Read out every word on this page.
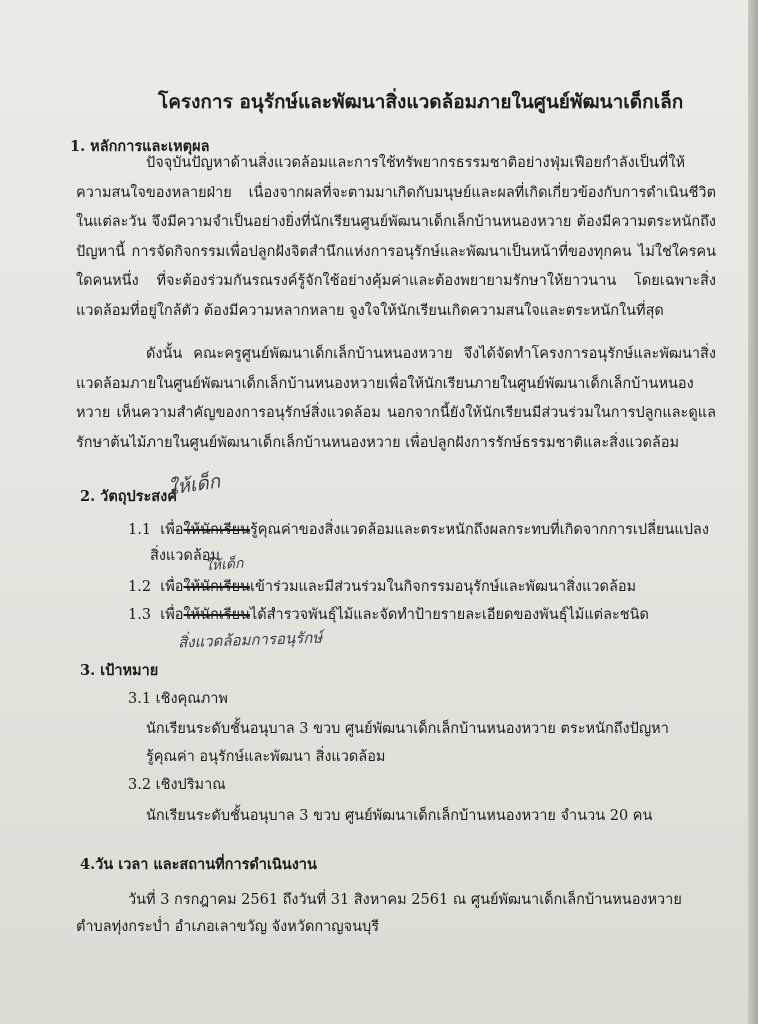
โครงการ อนุรักษ์และพัฒนาสิ่งแวดล้อมภายในศูนย์พัฒนาเด็กเล็ก
1. หลักการและเหตุผล
ปัจจุบันปัญหาด้านสิ่งแวดล้อมและการใช้ทรัพยากรธรรมชาติอย่างฟุ่มเฟือยกำลังเป็นที่ให้ความสนใจของหลายฝ่าย เนื่องจากผลที่จะตามมาเกิดกับมนุษย์และผลที่เกิดเกี่ยวข้องกับการดำเนินชีวิตในแต่ละวัน จึงมีความจำเป็นอย่างยิ่งที่นักเรียนศูนย์พัฒนาเด็กเล็กบ้านหนองหวาย ต้องมีความตระหนักถึงปัญหานี้ การจัดกิจกรรมเพื่อปลูกฝังจิตสำนึกแห่งการอนุรักษ์และพัฒนาเป็นหน้าที่ของทุกคน ไม่ใช่ใครคนใดคนหนึ่ง ที่จะต้องร่วมกันรณรงค์รู้จักใช้อย่างคุ้มค่าและต้องพยายามรักษาให้ยาวนาน โดยเฉพาะสิ่งแวดล้อมที่อยู่ใกล้ตัว ต้องมีความหลากหลาย จูงใจให้นักเรียนเกิดความสนใจและตระหนักในที่สุด
ดังนั้น คณะครูศูนย์พัฒนาเด็กเล็กบ้านหนองหวาย จึงได้จัดทำโครงการอนุรักษ์และพัฒนาสิ่งแวดล้อมภายในศูนย์พัฒนาเด็กเล็กบ้านหนองหวายเพื่อให้นักเรียนภายในศูนย์พัฒนาเด็กเล็กบ้านหนองหวาย เห็นความสำคัญของการอนุรักษ์สิ่งแวดล้อม นอกจากนี้ยังให้นักเรียนมีส่วนร่วมในการปลูกและดูแลรักษาต้นไม้ภายในศูนย์พัฒนาเด็กเล็กบ้านหนองหวาย เพื่อปลูกฝังการรักษ์ธรรมชาติและสิ่งแวดล้อม
2. วัตถุประสงค์
ให้เด็ก
1.1 เพื่อให้นักเรียนรู้คุณค่าของสิ่งแวดล้อมและตระหนักถึงผลกระทบที่เกิดจากการเปลี่ยนแปลง
สิ่งแวดล้อม
ให้เด็ก
1.2 เพื่อให้นักเรียนเข้าร่วมและมีส่วนร่วมในกิจกรรมอนุรักษ์และพัฒนาสิ่งแวดล้อม
1.3 เพื่อให้นักเรียนได้สำรวจพันธุ์ไม้และจัดทำป้ายรายละเอียดของพันธุ์ไม้แต่ละชนิด
สิ่งแวดล้อมการอนุรักษ์
3. เป้าหมาย
3.1 เชิงคุณภาพ
นักเรียนระดับชั้นอนุบาล 3 ขวบ ศูนย์พัฒนาเด็กเล็กบ้านหนองหวาย ตระหนักถึงปัญหา
รู้คุณค่า อนุรักษ์และพัฒนา สิ่งแวดล้อม
3.2 เชิงปริมาณ
นักเรียนระดับชั้นอนุบาล 3 ขวบ ศูนย์พัฒนาเด็กเล็กบ้านหนองหวาย จำนวน 20 คน
4.วัน เวลา และสถานที่การดำเนินงาน
วันที่ 3 กรกฎาคม 2561 ถึงวันที่ 31 สิงหาคม 2561 ณ ศูนย์พัฒนาเด็กเล็กบ้านหนองหวาย
ตำบลทุ่งกระบ่ำ อำเภอเลาขวัญ จังหวัดกาญจนบุรี
